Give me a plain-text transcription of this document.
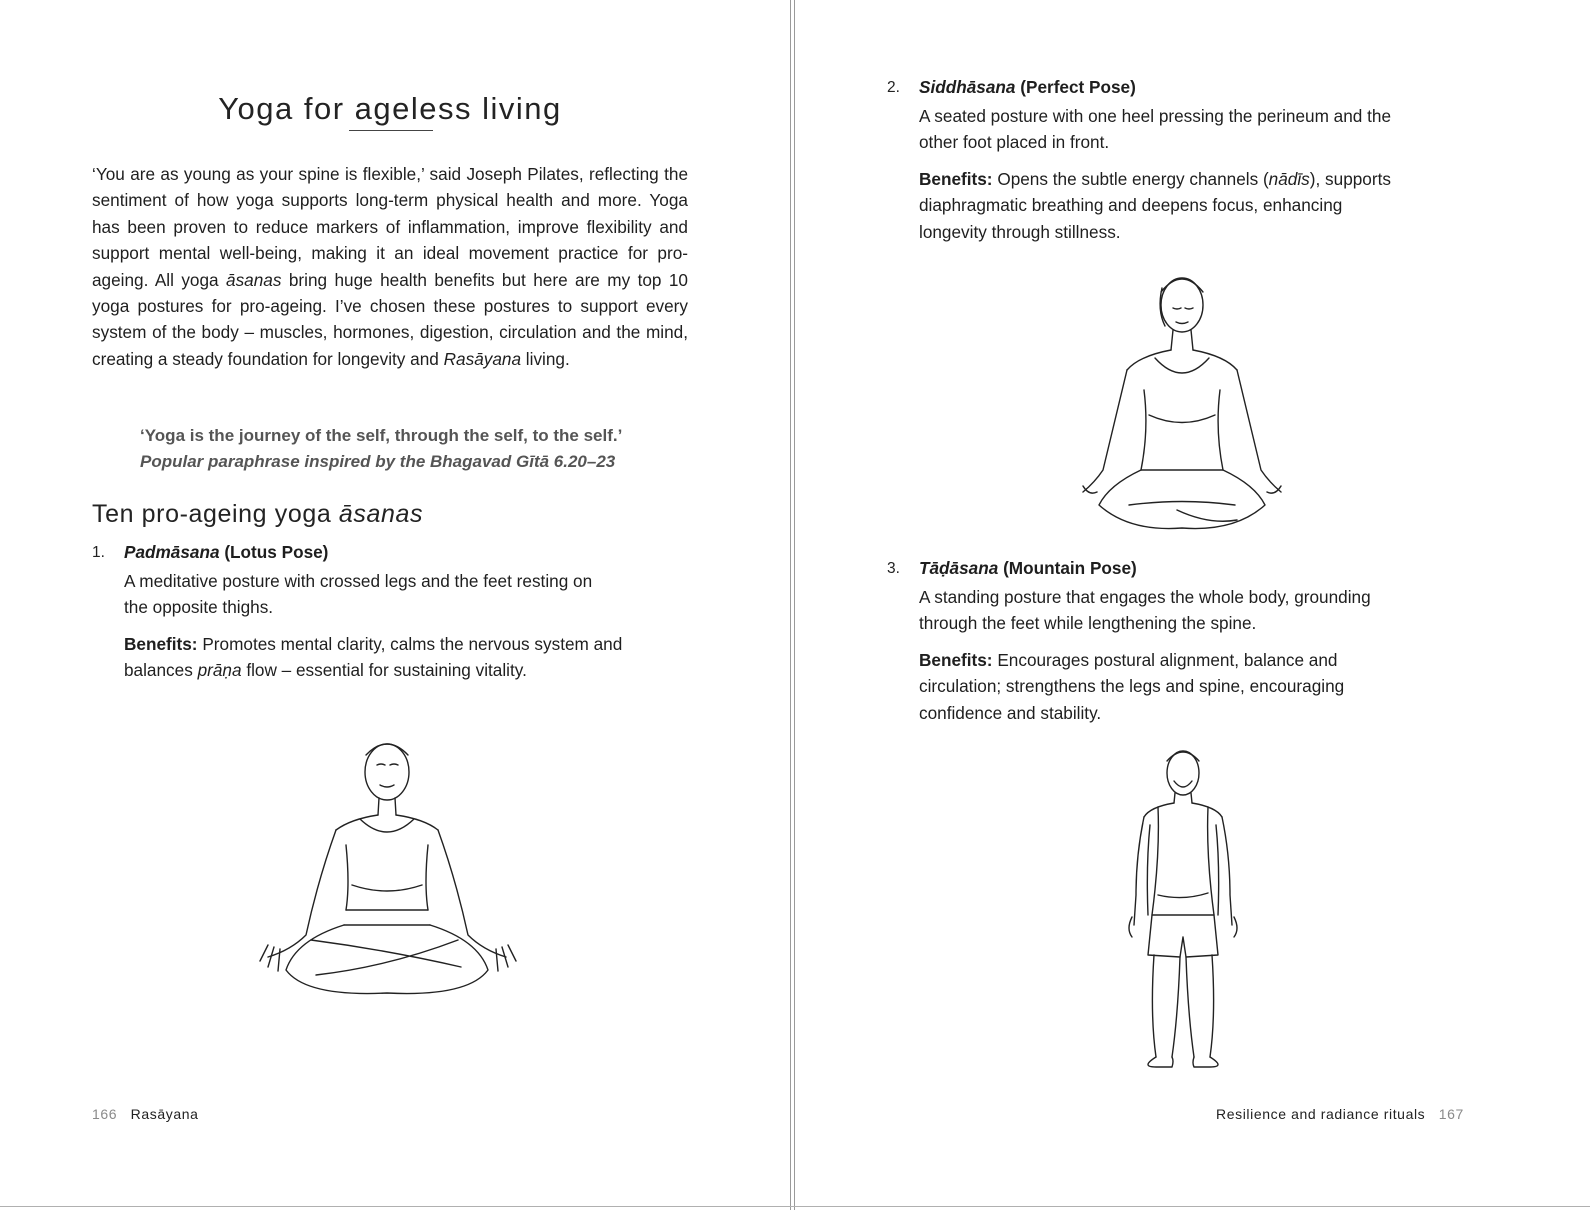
Yoga for ageless living

‘You are as young as your spine is flexible,’ said Joseph Pilates, reflecting the sentiment of how yoga supports long-term physical health and more. Yoga has been proven to reduce markers of inflammation, improve flexibility and support mental well-being, making it an ideal movement practice for pro-ageing. All yoga āsanas bring huge health benefits but here are my top 10 yoga postures for pro-ageing. I’ve chosen these postures to support every system of the body – muscles, hormones, digestion, circulation and the mind, creating a steady foundation for longevity and Rasāyana living.

‘Yoga is the journey of the self, through the self, to the self.’
Popular paraphrase inspired by the Bhagavad Gītā 6.20–23
Ten pro-ageing yoga āsanas
1. Padmāsana (Lotus Pose)
A meditative posture with crossed legs and the feet resting on
the opposite thighs.
Benefits: Promotes mental clarity, calms the nervous system and
balances prāṇa flow – essential for sustaining vitality.
166 Rasāyana
2. Siddhāsana (Perfect Pose)
A seated posture with one heel pressing the perineum and the
other foot placed in front.
Benefits: Opens the subtle energy channels (nādīs), supports
diaphragmatic breathing and deepens focus, enhancing
longevity through stillness.
3. Tāḍāsana (Mountain Pose)
A standing posture that engages the whole body, grounding
through the feet while lengthening the spine.
Benefits: Encourages postural alignment, balance and
circulation; strengthens the legs and spine, encouraging
confidence and stability.
Resilience and radiance rituals 167
